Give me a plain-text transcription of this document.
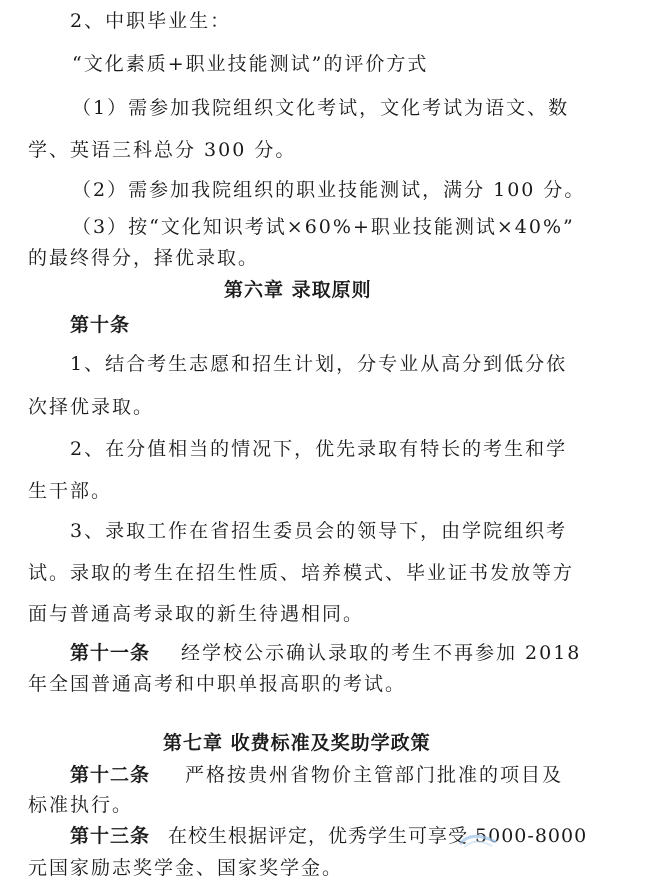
2、中职毕业生：
“文化素质+职业技能测试”的评价方式
（1）需参加我院组织文化考试，文化考试为语文、数
学、英语三科总分 300 分。
（2）需参加我院组织的职业技能测试，满分 100 分。
（3）按“文化知识考试×60%+职业技能测试×40%”
的最终得分，择优录取。
第六章 录取原则
第十条
1、结合考生志愿和招生计划，分专业从高分到低分依
次择优录取。
2、在分值相当的情况下，优先录取有特长的考生和学
生干部。
3、录取工作在省招生委员会的领导下，由学院组织考
试。录取的考生在招生性质、培养模式、毕业证书发放等方
面与普通高考录取的新生待遇相同。
第十一条 经学校公示确认录取的考生不再参加 2018
年全国普通高考和中职单报高职的考试。
第七章 收费标准及奖助学政策
第十二条 严格按贵州省物价主管部门批准的项目及
标准执行。
第十三条 在校生根据评定，优秀学生可享受 5000-8000
元国家励志奖学金、国家奖学金。
